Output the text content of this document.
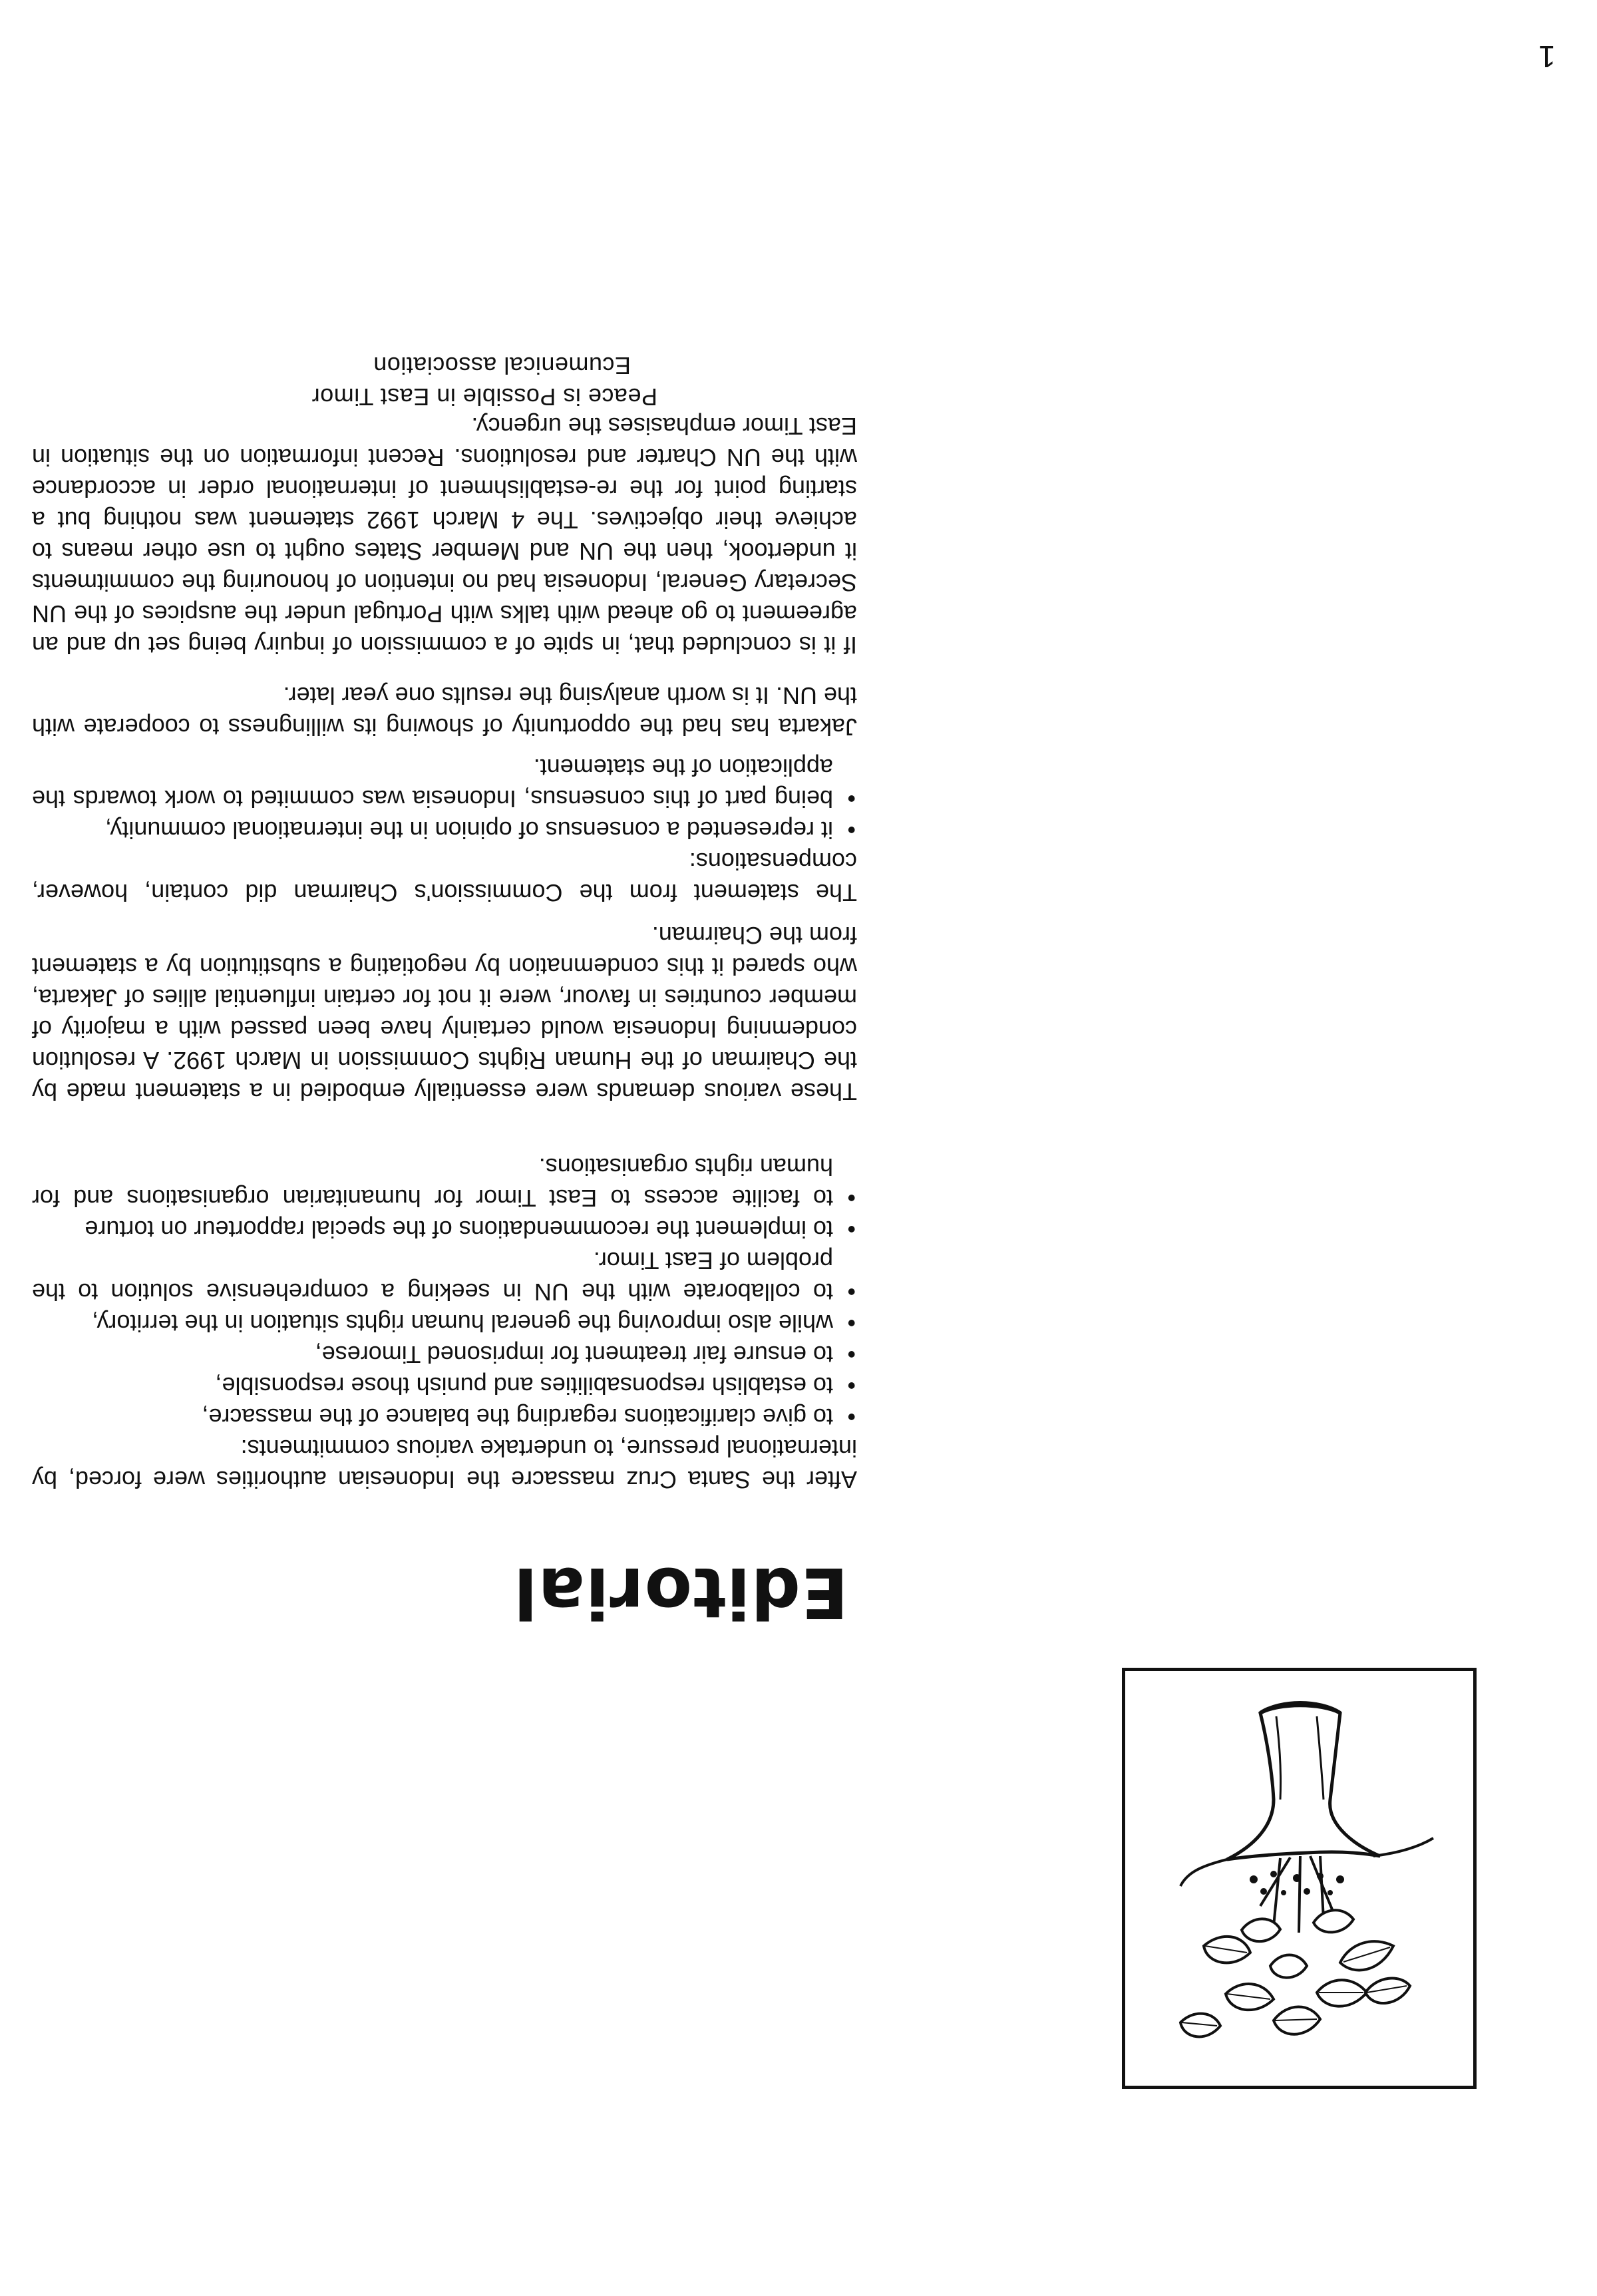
1
Editorial

After the Santa Cruz massacre the Indonesian authorities were forced, by international pressure, to undertake various commitments:

• to give clarifications regarding the balance of the massacre,
• to establish responsabilities and punish those responsible,
• to ensure fair treatment for imprisoned Timorese,
• while also improving the general human rights situation in the territory,
• to collaborate with the UN in seeking a comprehensive solution to the problem of East Timor.
• to implement the recommendations of the special rapporteur on torture
• to facilite access to East Timor for humanitarian organisations and for human rights organisations.

These various demands were essentially embodied in a statement made by the Chairman of the Human Rights Commission in March 1992. A resolution condemning Indonesia would certainly have been passed with a majority of member countries in favour, were it not for certain influential allies of Jakarta, who spared it this condemnation by negotiating a substitution by a statement from the Chairman.

The statement from the Commission's Chairman did contain, however, compensations:

• it represented a consensus of opinion in the international community,
• being part of this consensus, Indonesia was commited to work towards the application of the statement.

Jakarta has had the opportunity of showing its willingness to cooperate with the UN. It is worth analysing the results one year later.

If it is concluded that, in spite of a commission of inquiry being set up and an agreement to go ahead with talks with Portugal under the auspices of the UN Secretary General, Indonesia had no intention of honouring the commitments it undertook, then the UN and Member States ought to use other means to achieve their objectives. The 4 March 1992 statement was nothing but a starting point for the re-establishment of international order in accordance with the UN Charter and resolutions. Recent information on the situation in East Timor emphasises the urgency.

Peace is Possible in East Timor
Ecumenical association
